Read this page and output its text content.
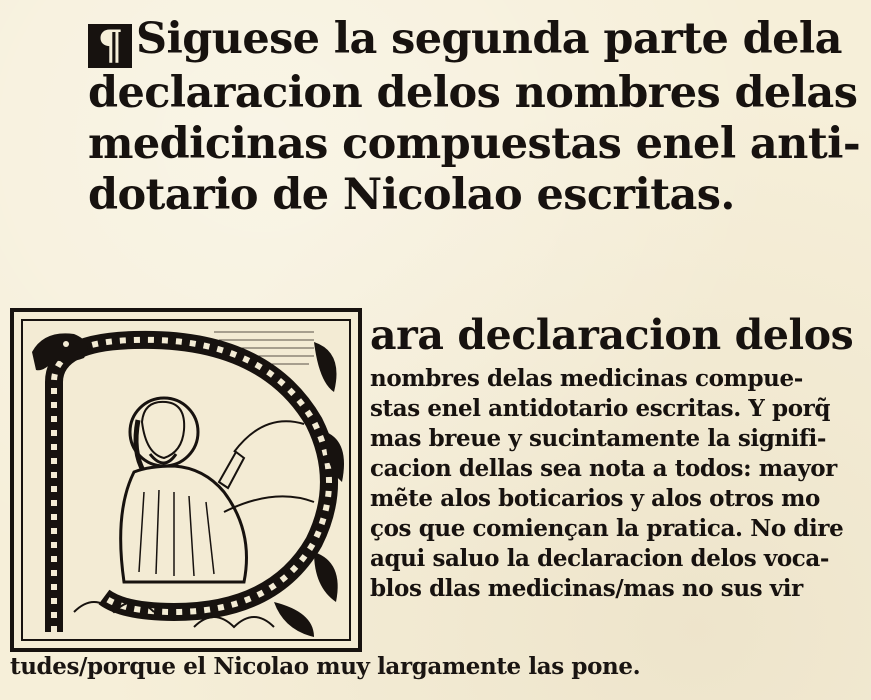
¶ Siguese la segunda parte dela
declaracion delos nombres delas
medicinas compuestas enel anti-
dotario de Nicolao escritas.
ara declaracion delos
nombres delas medicinas compue-
stas enel antidotario escritas. Y porq̃
mas breue y sucintamente la signifi-
cacion dellas sea nota a todos: mayor
mẽte alos boticarios y alos otros mo
ços que comiençan la pratica. No dire
aqui saluo la declaracion delos voca-
blos dlas medicinas/mas no sus vir
tudes/porque el Nicolao muy largamente las pone.
